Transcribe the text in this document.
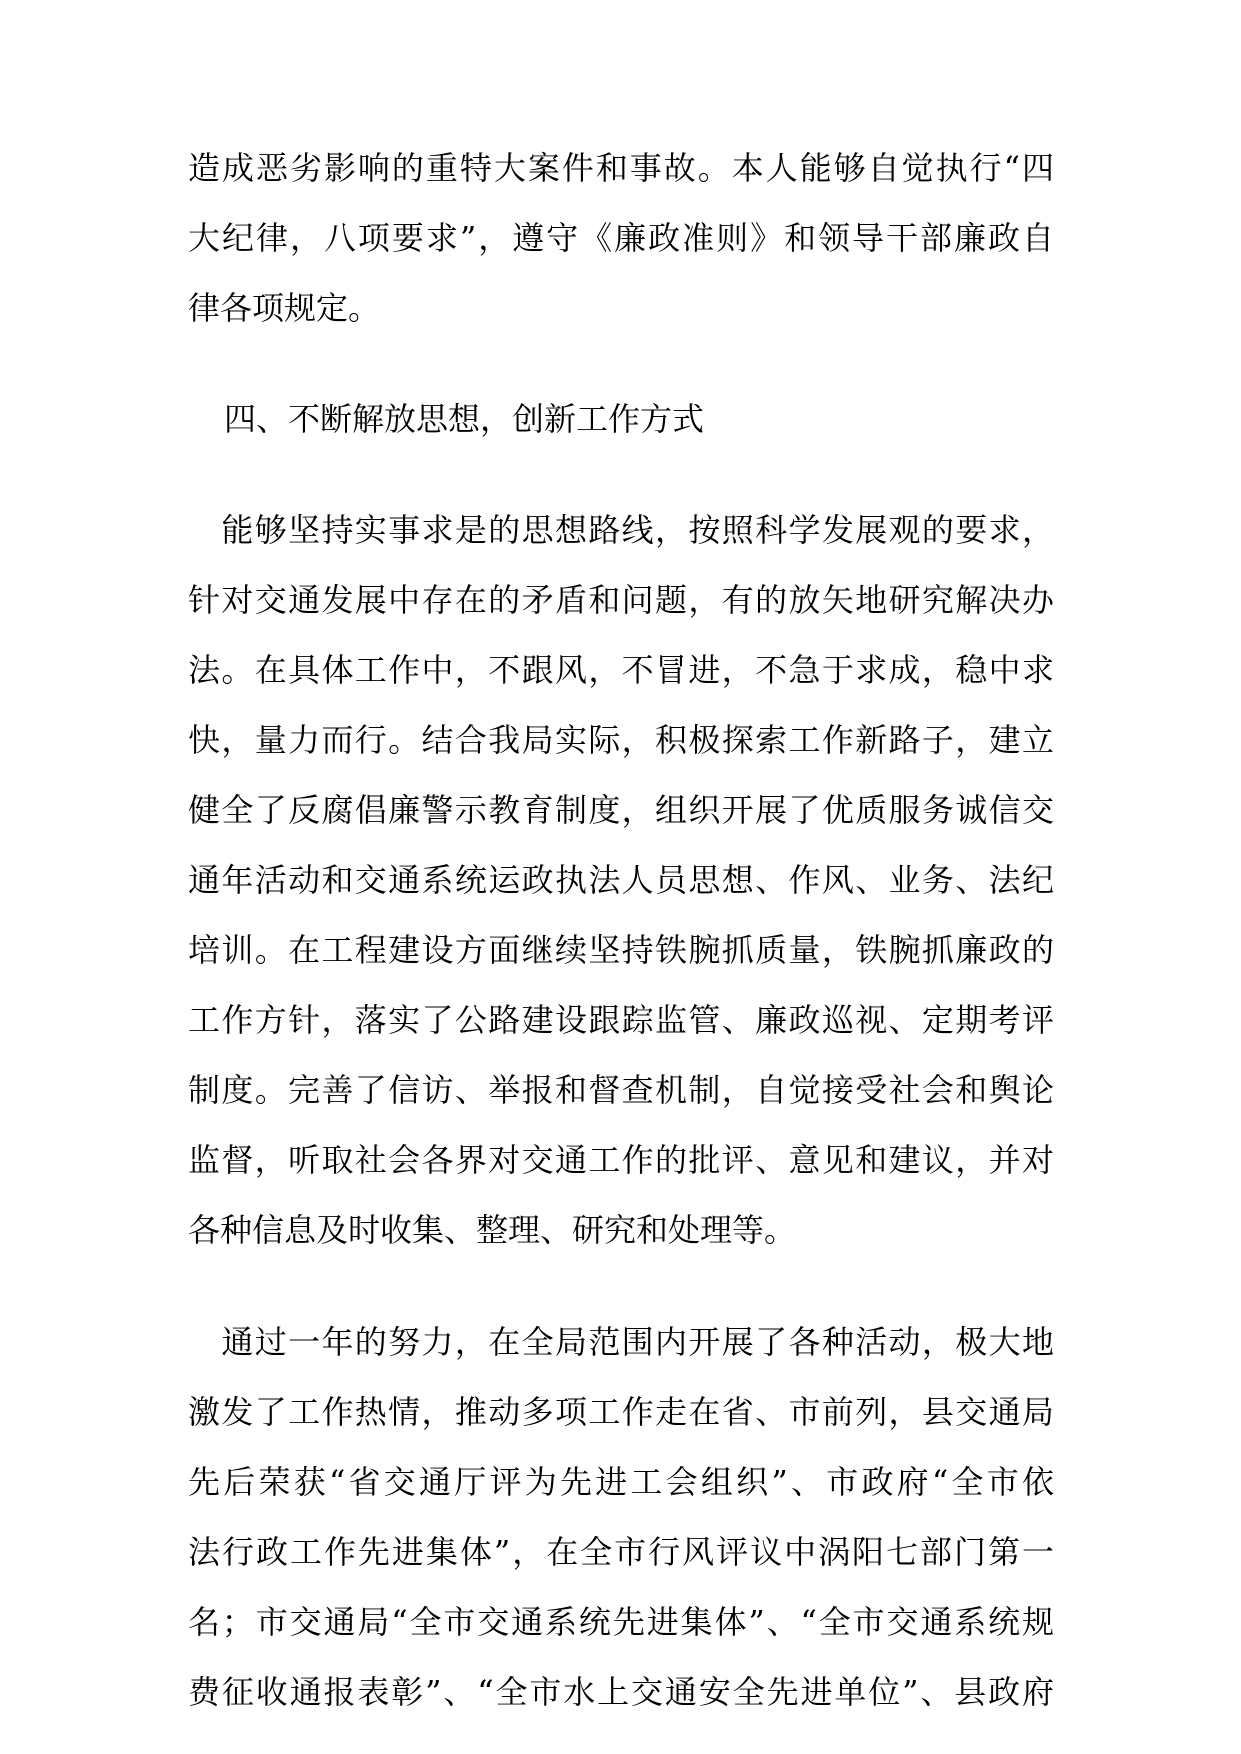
造成恶劣影响的重特大案件和事故。本人能够自觉执行“四
大纪律，八项要求”，遵守《廉政准则》和领导干部廉政自
律各项规定。
四、不断解放思想，创新工作方式
　能够坚持实事求是的思想路线，按照科学发展观的要求，
针对交通发展中存在的矛盾和问题，有的放矢地研究解决办
法。在具体工作中，不跟风，不冒进，不急于求成，稳中求
快，量力而行。结合我局实际，积极探索工作新路子，建立
健全了反腐倡廉警示教育制度，组织开展了优质服务诚信交
通年活动和交通系统运政执法人员思想、作风、业务、法纪
培训。在工程建设方面继续坚持铁腕抓质量，铁腕抓廉政的
工作方针，落实了公路建设跟踪监管、廉政巡视、定期考评
制度。完善了信访、举报和督查机制，自觉接受社会和舆论
监督，听取社会各界对交通工作的批评、意见和建议，并对
各种信息及时收集、整理、研究和处理等。
　通过一年的努力，在全局范围内开展了各种活动，极大地
激发了工作热情，推动多项工作走在省、市前列，县交通局
先后荣获“省交通厅评为先进工会组织”、市政府“全市依
法行政工作先进集体”，在全市行风评议中涡阳七部门第一
名；市交通局“全市交通系统先进集体”、“全市交通系统规
费征收通报表彰”、“全市水上交通安全先进单位”、县政府
